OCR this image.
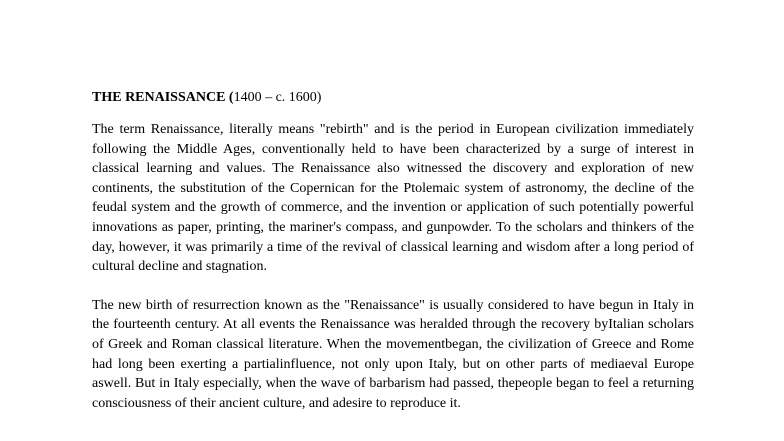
THE RENAISSANCE (1400 – c. 1600)

The term Renaissance, literally means "rebirth" and is the period in European civilization immediately following the Middle Ages, conventionally held to have been characterized by a surge of interest in classical learning and values. The Renaissance also witnessed the discovery and exploration of new continents, the substitution of the Copernican for the Ptolemaic system of astronomy, the decline of the feudal system and the growth of commerce, and the invention or application of such potentially powerful innovations as paper, printing, the mariner's compass, and gunpowder. To the scholars and thinkers of the day, however, it was primarily a time of the revival of classical learning and wisdom after a long period of cultural decline and stagnation.

The new birth of resurrection known as the "Renaissance" is usually considered to have begun in Italy in the fourteenth century. At all events the Renaissance was heralded through the recovery byItalian scholars of Greek and Roman classical literature. When the movementbegan, the civilization of Greece and Rome had long been exerting a partialinfluence, not only upon Italy, but on other parts of mediaeval Europe aswell. But in Italy especially, when the wave of barbarism had passed, thepeople began to feel a returning consciousness of their ancient culture, and adesire to reproduce it.
